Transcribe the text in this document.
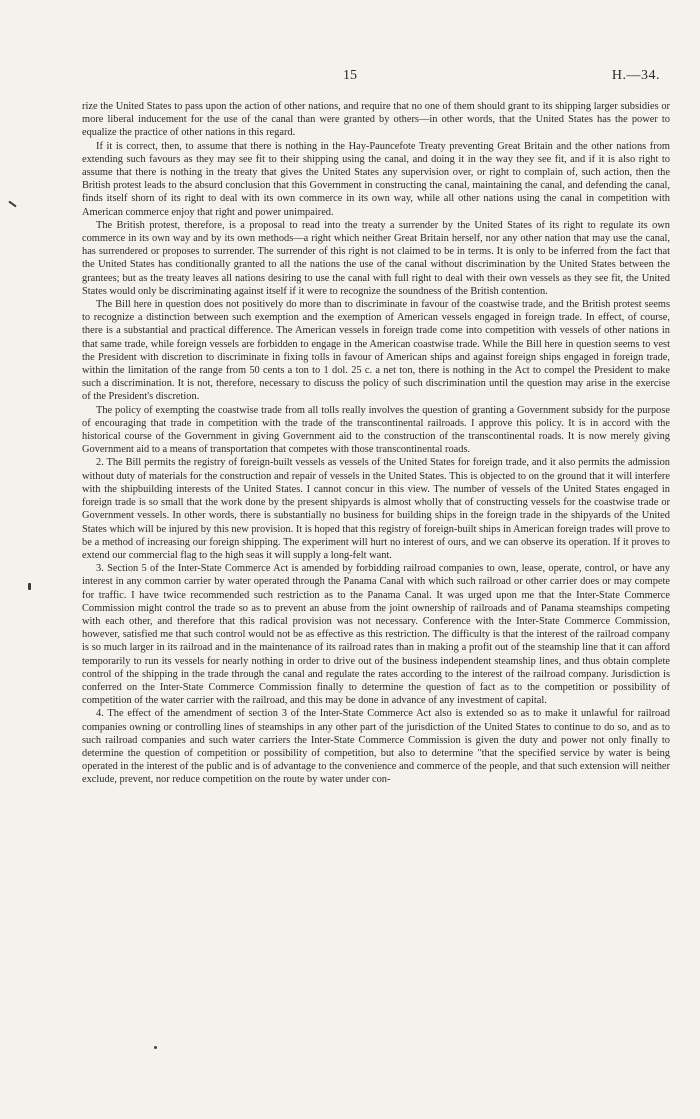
15	H.—34.

rize the United States to pass upon the action of other nations, and require that no one of them should grant to its shipping larger subsidies or more liberal inducement for the use of the canal than were granted by others—in other words, that the United States has the power to equalize the practice of other nations in this regard.

If it is correct, then, to assume that there is nothing in the Hay-Pauncefote Treaty preventing Great Britain and the other nations from extending such favours as they may see fit to their shipping using the canal, and doing it in the way they see fit, and if it is also right to assume that there is nothing in the treaty that gives the United States any supervision over, or right to complain of, such action, then the British protest leads to the absurd conclusion that this Government in constructing the canal, maintaining the canal, and defending the canal, finds itself shorn of its right to deal with its own commerce in its own way, while all other nations using the canal in competition with American commerce enjoy that right and power unimpaired.

The British protest, therefore, is a proposal to read into the treaty a surrender by the United States of its right to regulate its own commerce in its own way and by its own methods—a right which neither Great Britain herself, nor any other nation that may use the canal, has surrendered or proposes to surrender. The surrender of this right is not claimed to be in terms. It is only to be inferred from the fact that the United States has conditionally granted to all the nations the use of the canal without discrimination by the United States between the grantees; but as the treaty leaves all nations desiring to use the canal with full right to deal with their own vessels as they see fit, the United States would only be discriminating against itself if it were to recognize the soundness of the British contention.

The Bill here in question does not positively do more than to discriminate in favour of the coastwise trade, and the British protest seems to recognize a distinction between such exemption and the exemption of American vessels engaged in foreign trade. In effect, of course, there is a substantial and practical difference. The American vessels in foreign trade come into competition with vessels of other nations in that same trade, while foreign vessels are forbidden to engage in the American coastwise trade. While the Bill here in question seems to vest the President with discretion to discriminate in fixing tolls in favour of American ships and against foreign ships engaged in foreign trade, within the limitation of the range from 50 cents a ton to 1 dol. 25 c. a net ton, there is nothing in the Act to compel the President to make such a discrimination. It is not, therefore, necessary to discuss the policy of such discrimination until the question may arise in the exercise of the President's discretion.

The policy of exempting the coastwise trade from all tolls really involves the question of granting a Government subsidy for the purpose of encouraging that trade in competition with the trade of the transcontinental railroads. I approve this policy. It is in accord with the historical course of the Government in giving Government aid to the construction of the transcontinental roads. It is now merely giving Government aid to a means of transportation that competes with those transcontinental roads.

2. The Bill permits the registry of foreign-built vessels as vessels of the United States for foreign trade, and it also permits the admission without duty of materials for the construction and repair of vessels in the United States. This is objected to on the ground that it will interfere with the shipbuilding interests of the United States. I cannot concur in this view. The number of vessels of the United States engaged in foreign trade is so small that the work done by the present shipyards is almost wholly that of constructing vessels for the coastwise trade or Government vessels. In other words, there is substantially no business for building ships in the foreign trade in the shipyards of the United States which will be injured by this new provision. It is hoped that this registry of foreign-built ships in American foreign trades will prove to be a method of increasing our foreign shipping. The experiment will hurt no interest of ours, and we can observe its operation. If it proves to extend our commercial flag to the high seas it will supply a long-felt want.

3. Section 5 of the Inter-State Commerce Act is amended by forbidding railroad companies to own, lease, operate, control, or have any interest in any common carrier by water operated through the Panama Canal with which such railroad or other carrier does or may compete for traffic. I have twice recommended such restriction as to the Panama Canal. It was urged upon me that the Inter-State Commerce Commission might control the trade so as to prevent an abuse from the joint ownership of railroads and of Panama steamships competing with each other, and therefore that this radical provision was not necessary. Conference with the Inter-State Commerce Commission, however, satisfied me that such control would not be as effective as this restriction. The difficulty is that the interest of the railroad company is so much larger in its railroad and in the maintenance of its railroad rates than in making a profit out of the steamship line that it can afford temporarily to run its vessels for nearly nothing in order to drive out of the business independent steamship lines, and thus obtain complete control of the shipping in the trade through the canal and regulate the rates according to the interest of the railroad company. Jurisdiction is conferred on the Inter-State Commerce Commission finally to determine the question of fact as to the competition or possibility of competition of the water carrier with the railroad, and this may be done in advance of any investment of capital.

4. The effect of the amendment of section 3 of the Inter-State Commerce Act also is extended so as to make it unlawful for railroad companies owning or controlling lines of steamships in any other part of the jurisdiction of the United States to continue to do so, and as to such railroad companies and such water carriers the Inter-State Commerce Commission is given the duty and power not only finally to determine the question of competition or possibility of competition, but also to determine "that the specified service by water is being operated in the interest of the public and is of advantage to the convenience and commerce of the people, and that such extension will neither exclude, prevent, nor reduce competition on the route by water under con-
